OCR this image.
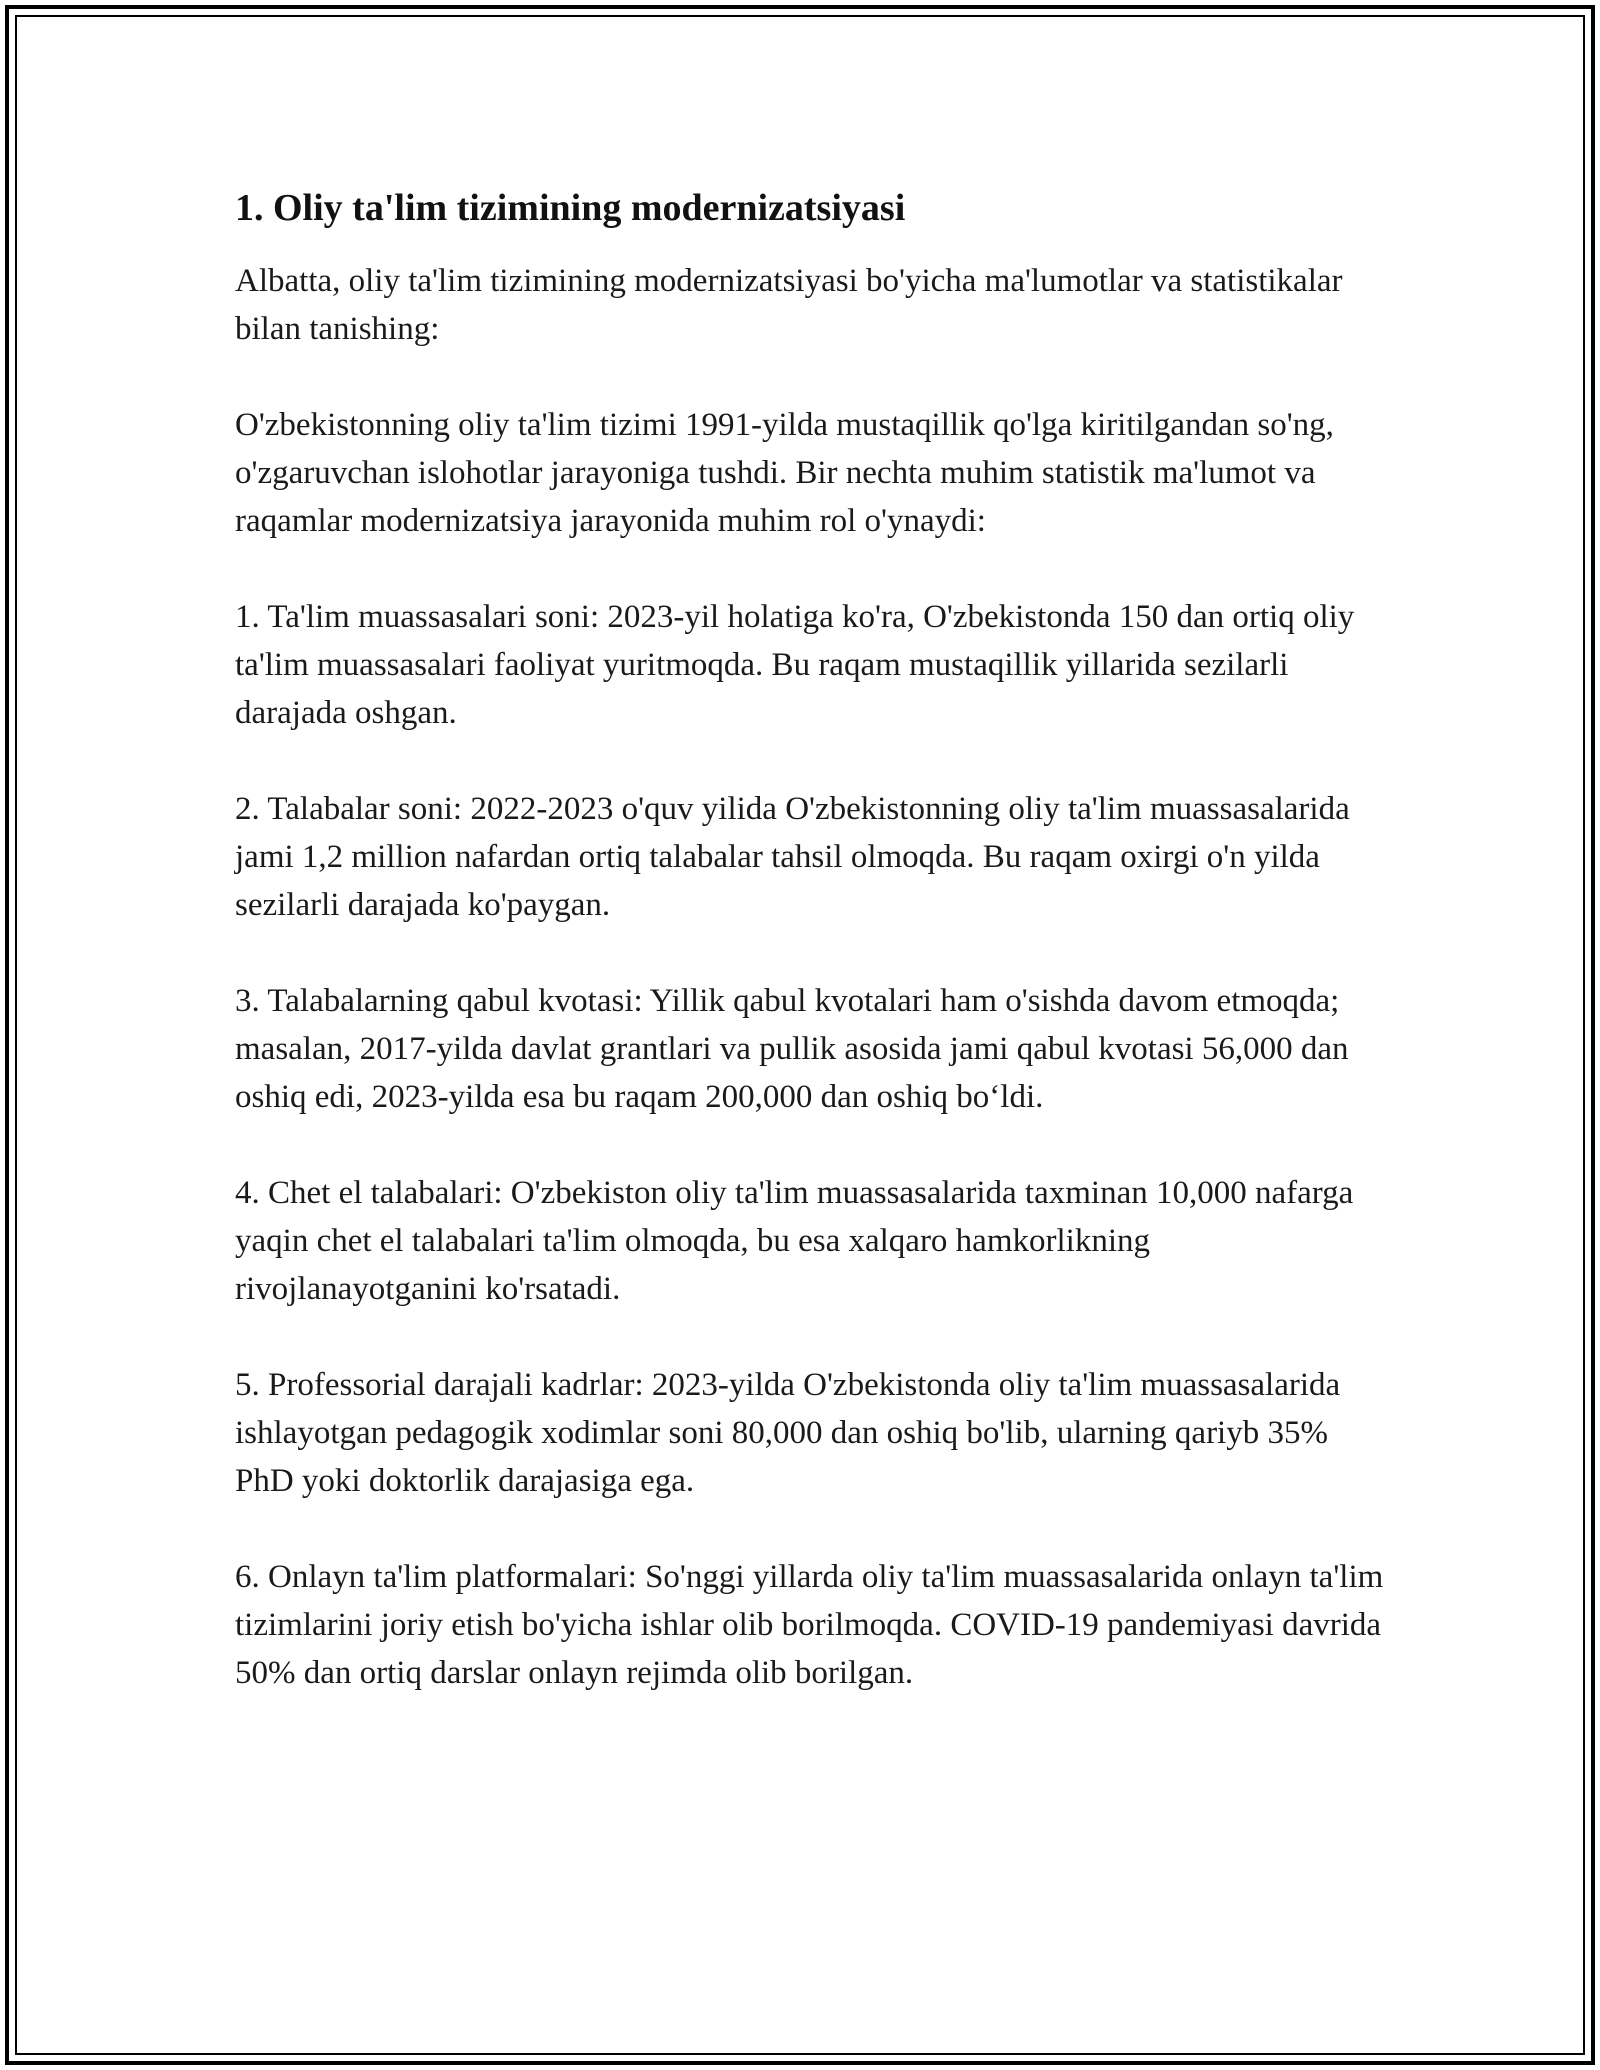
1. Oliy ta'lim tizimining modernizatsiyasi

Albatta, oliy ta'lim tizimining modernizatsiyasi bo'yicha ma'lumotlar va statistikalar bilan tanishing:

O'zbekistonning oliy ta'lim tizimi 1991-yilda mustaqillik qo'lga kiritilgandan so'ng, o'zgaruvchan islohotlar jarayoniga tushdi. Bir nechta muhim statistik ma'lumot va raqamlar modernizatsiya jarayonida muhim rol o'ynaydi:

1. Ta'lim muassasalari soni: 2023-yil holatiga ko'ra, O'zbekistonda 150 dan ortiq oliy ta'lim muassasalari faoliyat yuritmoqda. Bu raqam mustaqillik yillarida sezilarli darajada oshgan.

2. Talabalar soni: 2022-2023 o'quv yilida O'zbekistonning oliy ta'lim muassasalarida jami 1,2 million nafardan ortiq talabalar tahsil olmoqda. Bu raqam oxirgi o'n yilda sezilarli darajada ko'paygan.

3. Talabalarning qabul kvotasi: Yillik qabul kvotalari ham o'sishda davom etmoqda; masalan, 2017-yilda davlat grantlari va pullik asosida jami qabul kvotasi 56,000 dan oshiq edi, 2023-yilda esa bu raqam 200,000 dan oshiq bo‘ldi.

4. Chet el talabalari: O'zbekiston oliy ta'lim muassasalarida taxminan 10,000 nafarga yaqin chet el talabalari ta'lim olmoqda, bu esa xalqaro hamkorlikning rivojlanayotganini ko'rsatadi.

5. Professorial darajali kadrlar: 2023-yilda O'zbekistonda oliy ta'lim muassasalarida ishlayotgan pedagogik xodimlar soni 80,000 dan oshiq bo'lib, ularning qariyb 35% PhD yoki doktorlik darajasiga ega.

6. Onlayn ta'lim platformalari: So'nggi yillarda oliy ta'lim muassasalarida onlayn ta'lim tizimlarini joriy etish bo'yicha ishlar olib borilmoqda. COVID-19 pandemiyasi davrida 50% dan ortiq darslar onlayn rejimda olib borilgan.
